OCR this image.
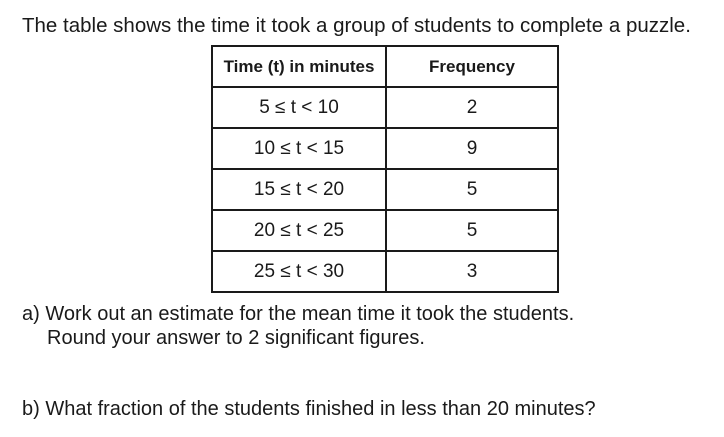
The table shows the time it took a group of students to complete a puzzle.
Time (t) in minutes	Frequency
5 ≤ t < 10	2
10 ≤ t < 15	9
15 ≤ t < 20	5
20 ≤ t < 25	5
25 ≤ t < 30	3
a) Work out an estimate for the mean time it took the students.
Round your answer to 2 significant figures.
b) What fraction of the students finished in less than 20 minutes?
